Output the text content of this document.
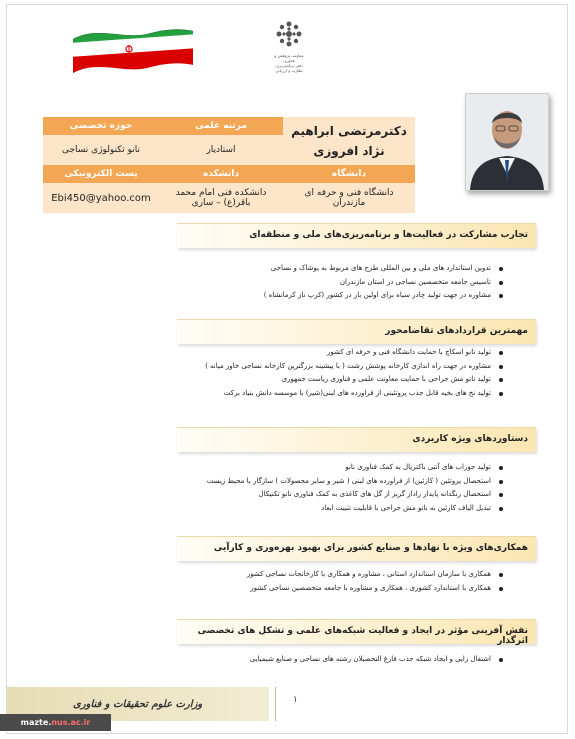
معاونت پژوهش و فناوری
دفتر برنامه‌ریزی، نظارت و ارزیابی
دکترمرتضی ابراهیم نژاد افروزی	مرتبه علمی	حوزه تخصصی
	استادیار	نانو تکنولوژی نساجی
دانشگاه	دانشکده	پست الکترونیکی
دانشگاه فنی و حرفه ای مازندران	دانشکده فنی امام محمد باقر(ع) – ساری	Ebi450@yahoo.com
تجارب مشارکت در فعالیت‌ها و برنامه‌ریزی‌های ملی و منطقه‌ای
تدوین استاندارد های ملی و بین المللی طرح های مربوط به پوشاک و نساجی
تاسیس جامعه متخصصین نساجی در استان مازندران
مشاوره در جهت تولید چادر سیاه برای اولین بار در کشور (کرپ ناز کرمانشاه )
مهمترین قراردادهای تقاضامحور
تولید نانو اسکاچ با حمایت دانشگاه فنی و حرفه ای کشور
مشاوره در جهت راه اندازی کارخانه پوشش رشت ( با پیشینه بزرگترین کارخانه نساجی خاور میانه )
تولید نانو مش جراحی با حمایت معاونت علمی و فناوری ریاست جمهوری
تولید نخ های بخیه قابل جذب پروتئینی از فراورده های لبنی(شیر) با موسسه دانش بنیاد برکت
دستاوردهای ویژه کاربردی
تولید جوراب های آنتی باکتریال به کمک فناوری نانو
استحصال پروتئین ( کازئین) از فراورده های لبنی ( شیر و سایر محصولات ) سازگار با محیط زیست
استحصال رنگدانه پایدار راداز گریز از گل های کاغذی به کمک فناوری نانو تکنیکال
تبدیل الیاف کازئین به نانو مش جراحی با قابلیت تثبیت ابعاد
همکاری‌های ویژه با نهادها و صنایع کشور برای بهبود بهره‌وری و کارآیی
همکاری با سازمان استاندارد استانی ، مشاوره و همکاری با کارخانجات نساجی کشور
همکاری با استاندارد کشوری ، همکاری و مشاوره با جامعه متخصصین نساجی کشور
نقش آفرینی مؤثر در ایجاد و فعالیت شبکه‌های علمی و تشکل های تخصصی اثرگذار
اشتغال زایی و ایجاد شبکه جذب فارغ التحصیلان رشته های نساجی و صنایع شیمیایی
وزارت علوم تحقیقات و فناوری	۱
mazte.nus.ac.ir
